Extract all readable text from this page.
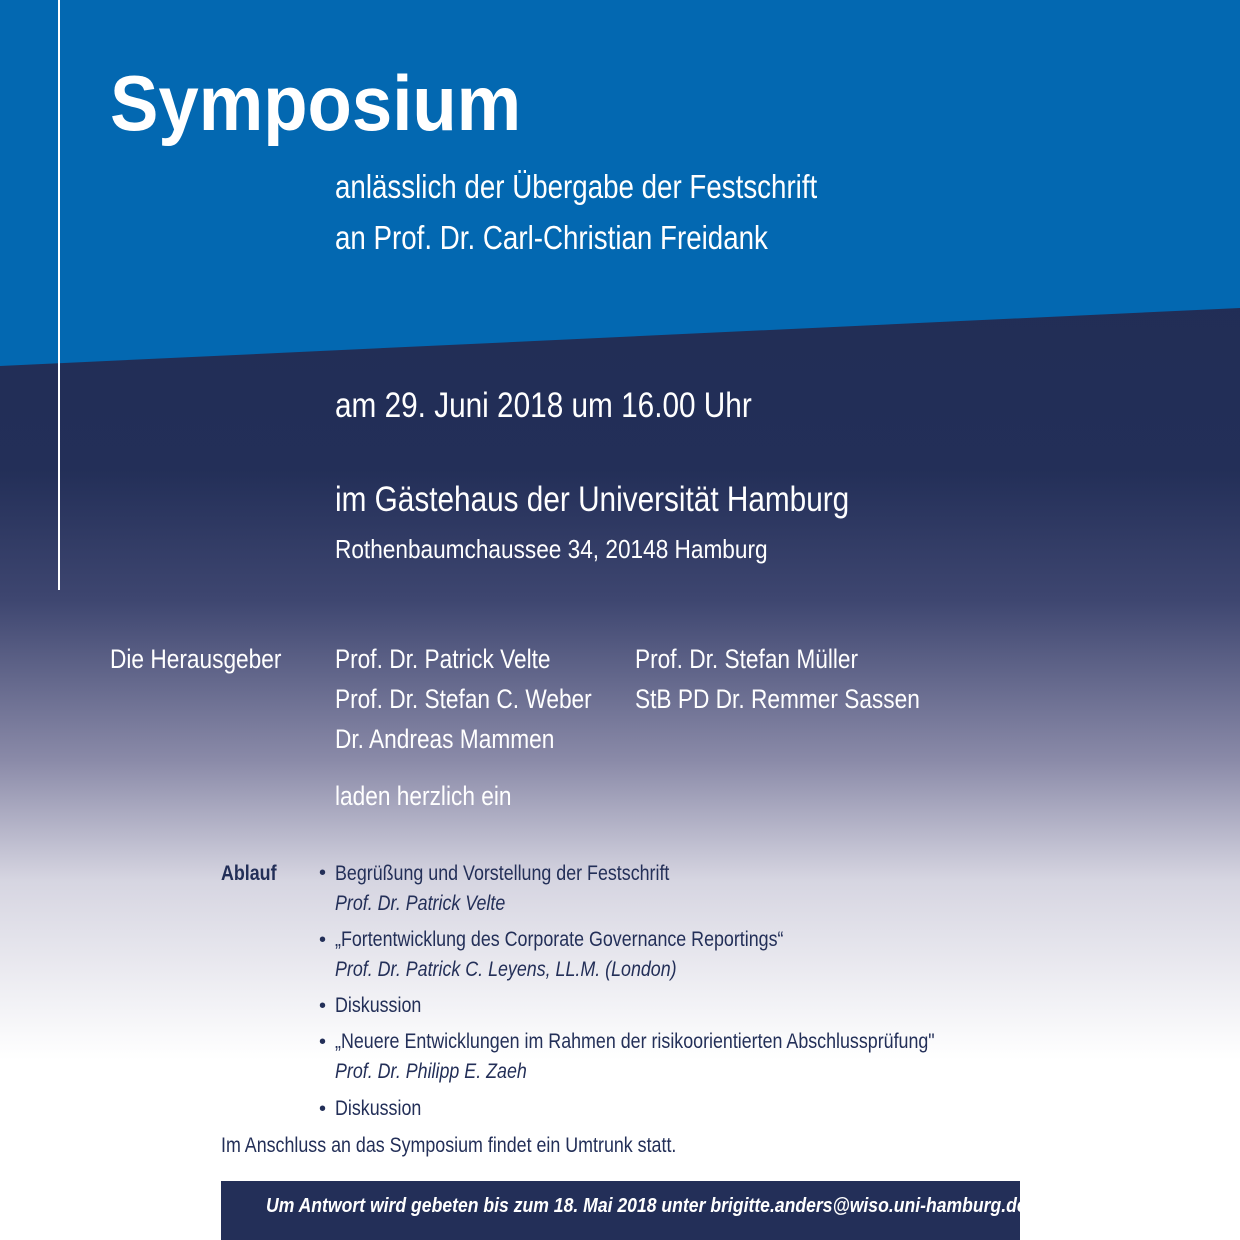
Symposium

anlässlich der Übergabe der Festschrift

an Prof. Dr. Carl-Christian Freidank

am 29. Juni 2018 um 16.00 Uhr

im Gästehaus der Universität Hamburg

Rothenbaumchaussee 34, 20148 Hamburg

Die Herausgeber Prof. Dr. Patrick Velte

Prof. Dr. Stefan C. Weber

Dr. Andreas Mammen

Prof. Dr. Stefan Müller

StB PD Dr. Remmer Sassen

laden herzlich ein

Ablauf • Begrüßung und Vorstellung der Festschrift

Prof. Dr. Patrick Velte

• „Fortentwicklung des Corporate Governance Reportings“

Prof. Dr. Patrick C. Leyens, LL.M. (London)

• Diskussion

• „Neuere Entwicklungen im Rahmen der risikoorientierten Abschlussprüfung"

Prof. Dr. Philipp E. Zaeh

• Diskussion

Im Anschluss an das Symposium findet ein Umtrunk statt.

Um Antwort wird gebeten bis zum 18. Mai 2018 unter brigitte.anders@wiso.uni-hamburg.de
